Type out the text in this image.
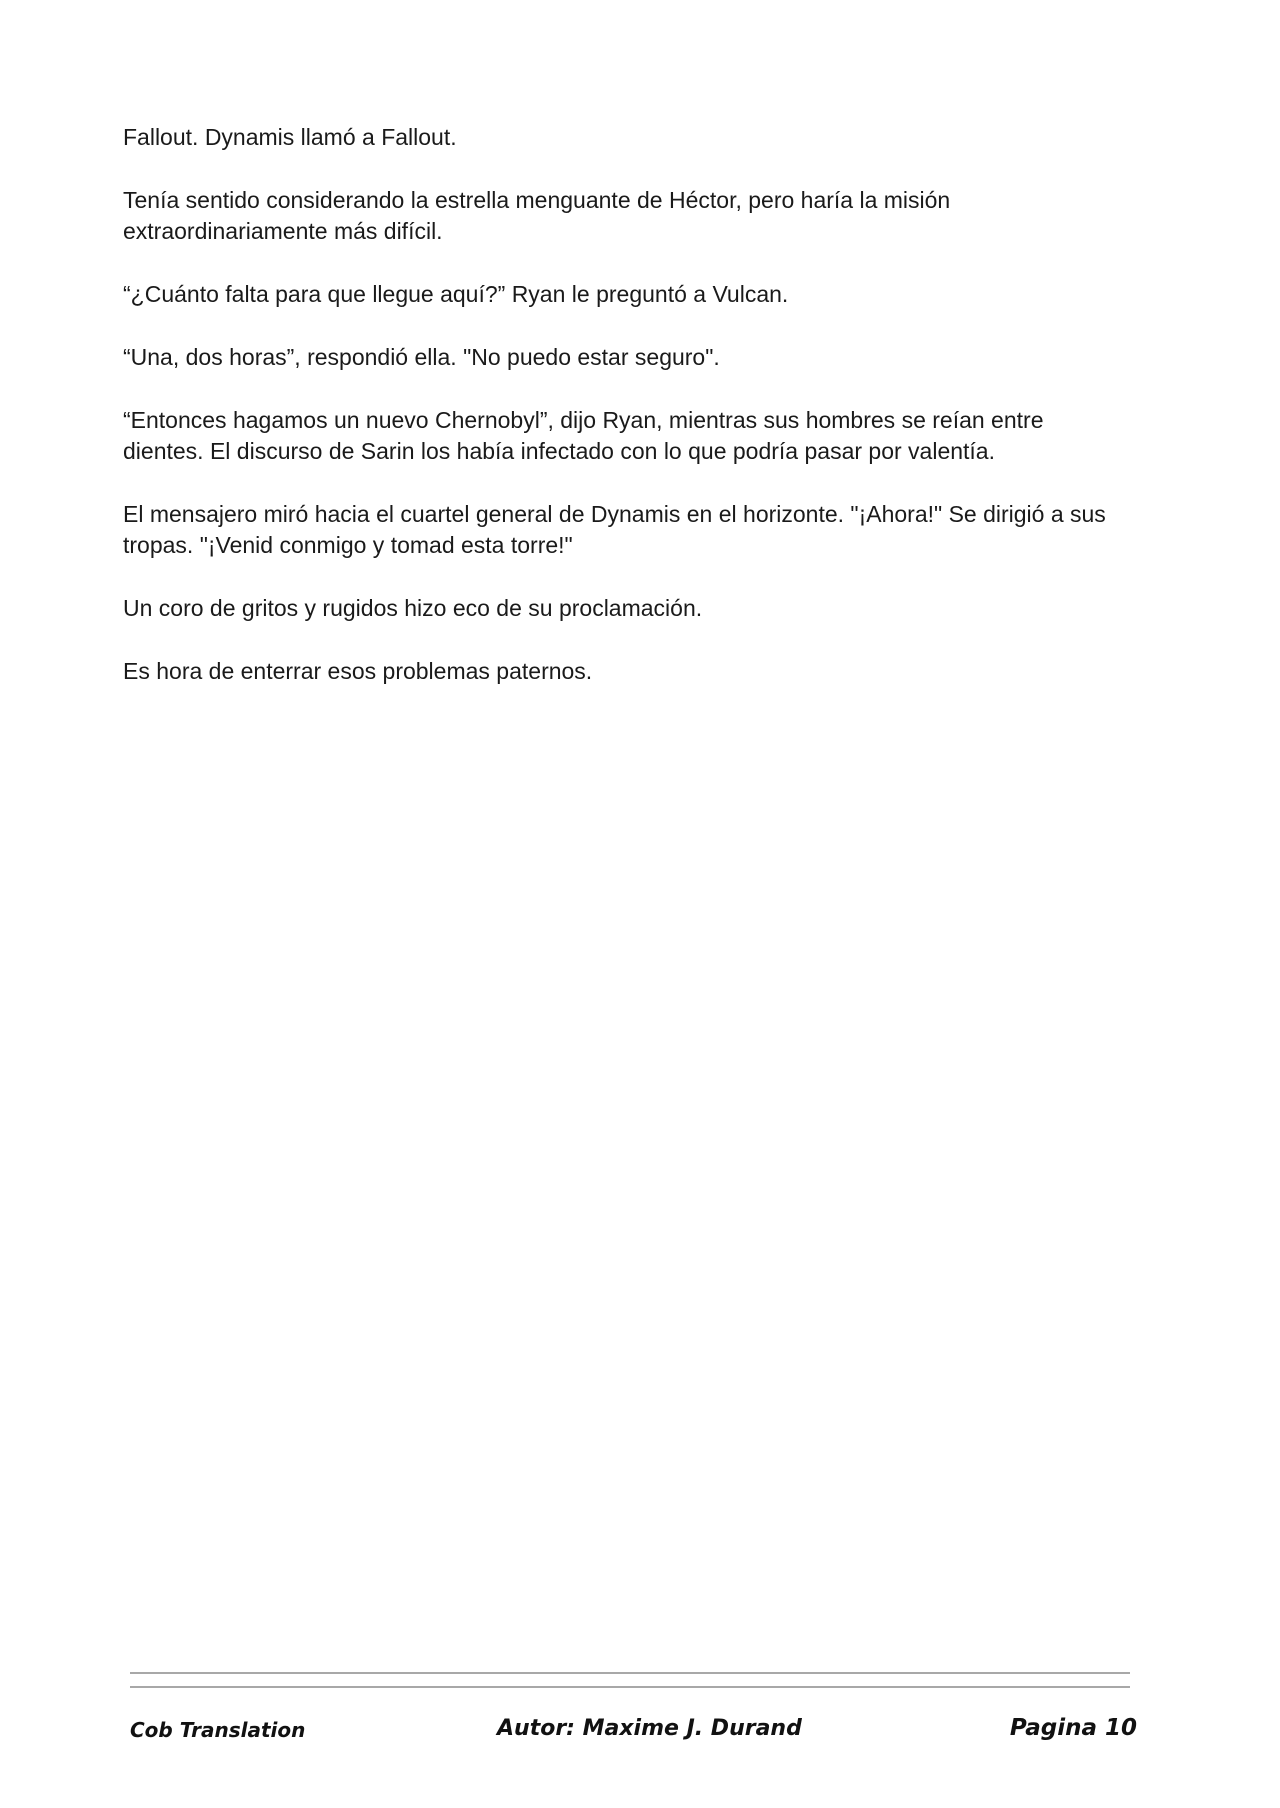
Fallout. Dynamis llamó a Fallout.

Tenía sentido considerando la estrella menguante de Héctor, pero haría la misión extraordinariamente más difícil.

“¿Cuánto falta para que llegue aquí?” Ryan le preguntó a Vulcan.

“Una, dos horas”, respondió ella. "No puedo estar seguro".

“Entonces hagamos un nuevo Chernobyl”, dijo Ryan, mientras sus hombres se reían entre dientes. El discurso de Sarin los había infectado con lo que podría pasar por valentía.

El mensajero miró hacia el cuartel general de Dynamis en el horizonte. "¡Ahora!" Se dirigió a sus tropas. "¡Venid conmigo y tomad esta torre!"

Un coro de gritos y rugidos hizo eco de su proclamación.

Es hora de enterrar esos problemas paternos.

Cob Translation	Autor: Maxime J. Durand	Pagina 10
